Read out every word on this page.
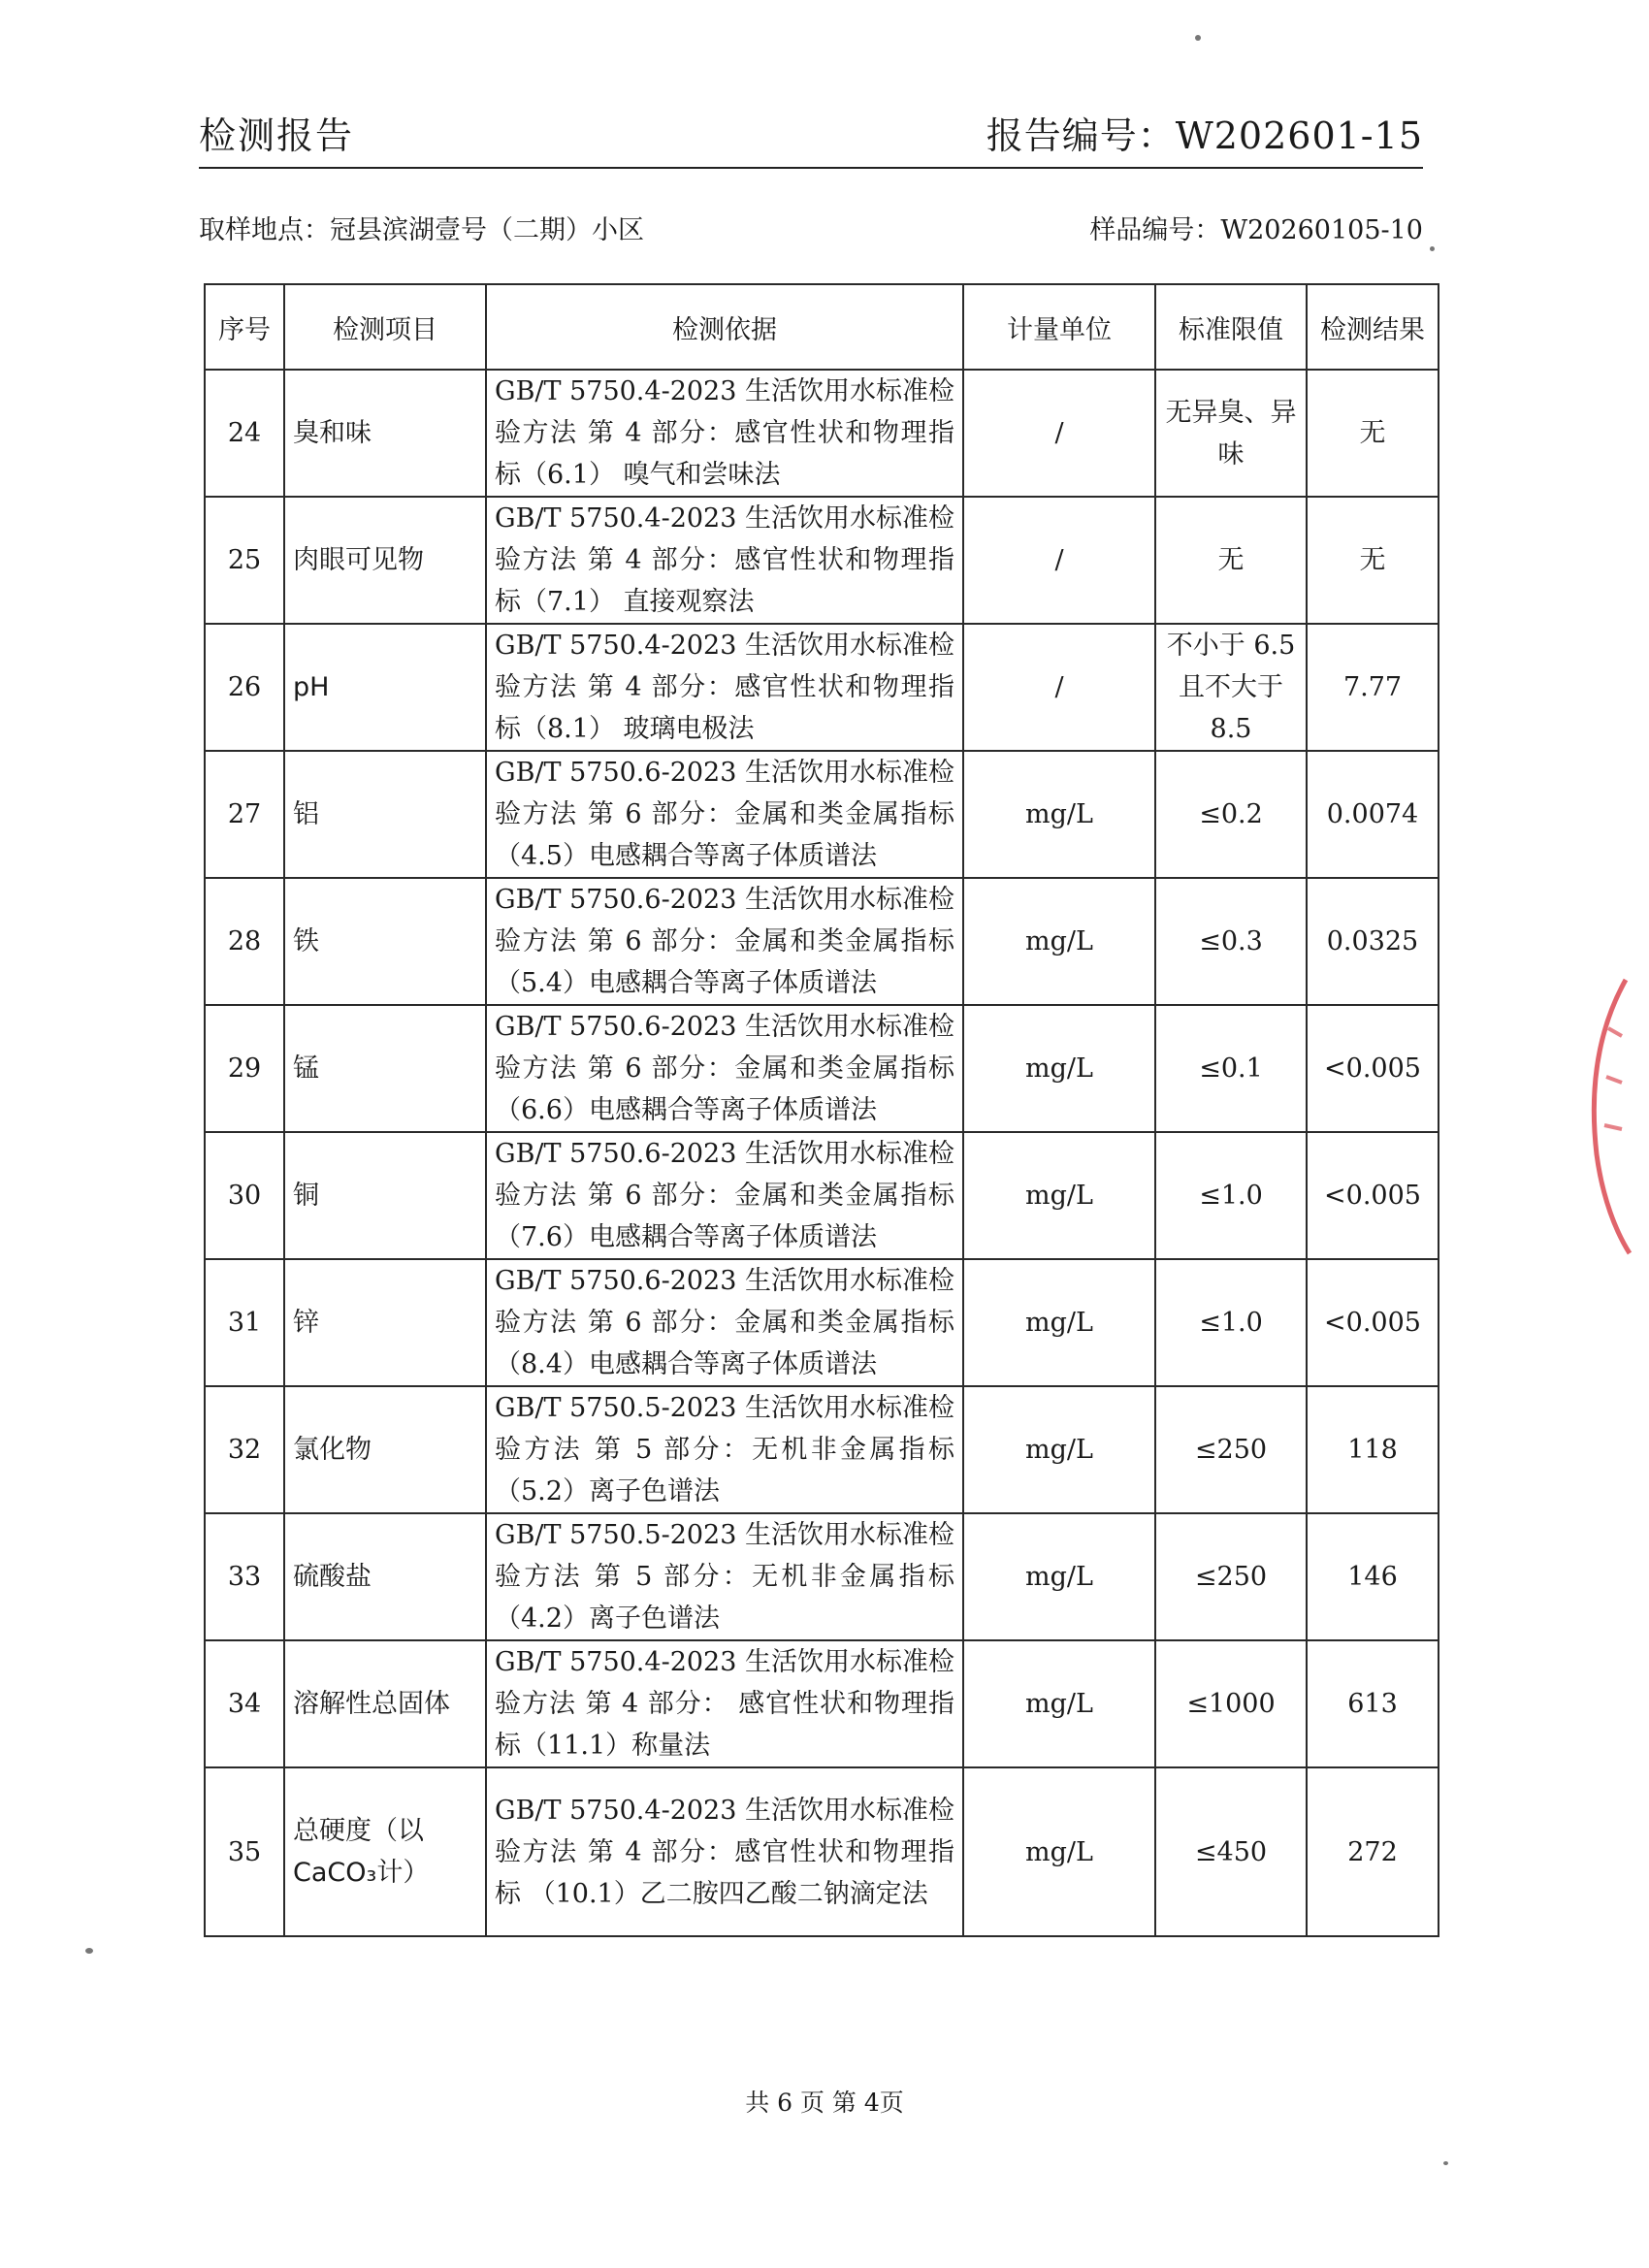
检测报告	报告编号：W202601-15
取样地点：冠县滨湖壹号（二期）小区	样品编号：W20260105-10
序号	检测项目	检测依据	计量单位	标准限值	检测结果
24	臭和味	GB/T 5750.4-2023 生活饮用水标准检验方法 第 4 部分：感官性状和物理指标（6.1） 嗅气和尝味法	/	无异臭、异味	无
25	肉眼可见物	GB/T 5750.4-2023 生活饮用水标准检验方法 第 4 部分：感官性状和物理指标（7.1） 直接观察法	/	无	无
26	pH	GB/T 5750.4-2023 生活饮用水标准检验方法 第 4 部分：感官性状和物理指标（8.1） 玻璃电极法	/	不小于 6.5 且不大于 8.5	7.77
27	铝	GB/T 5750.6-2023 生活饮用水标准检验方法 第 6 部分：金属和类金属指标（4.5）电感耦合等离子体质谱法	mg/L	≤0.2	0.0074
28	铁	GB/T 5750.6-2023 生活饮用水标准检验方法 第 6 部分：金属和类金属指标（5.4）电感耦合等离子体质谱法	mg/L	≤0.3	0.0325
29	锰	GB/T 5750.6-2023 生活饮用水标准检验方法 第 6 部分：金属和类金属指标（6.6）电感耦合等离子体质谱法	mg/L	≤0.1	<0.005
30	铜	GB/T 5750.6-2023 生活饮用水标准检验方法 第 6 部分：金属和类金属指标（7.6）电感耦合等离子体质谱法	mg/L	≤1.0	<0.005
31	锌	GB/T 5750.6-2023 生活饮用水标准检验方法 第 6 部分：金属和类金属指标（8.4）电感耦合等离子体质谱法	mg/L	≤1.0	<0.005
32	氯化物	GB/T 5750.5-2023 生活饮用水标准检验方法 第 5 部分：无机非金属指标（5.2）离子色谱法	mg/L	≤250	118
33	硫酸盐	GB/T 5750.5-2023 生活饮用水标准检验方法 第 5 部分：无机非金属指标（4.2）离子色谱法	mg/L	≤250	146
34	溶解性总固体	GB/T 5750.4-2023 生活饮用水标准检验方法 第 4 部分： 感官性状和物理指标（11.1）称量法	mg/L	≤1000	613
35	总硬度（以CaCO₃计）	GB/T 5750.4-2023 生活饮用水标准检验方法 第 4 部分：感官性状和物理指标 （10.1）乙二胺四乙酸二钠滴定法	mg/L	≤450	272
共 6 页 第 4页
